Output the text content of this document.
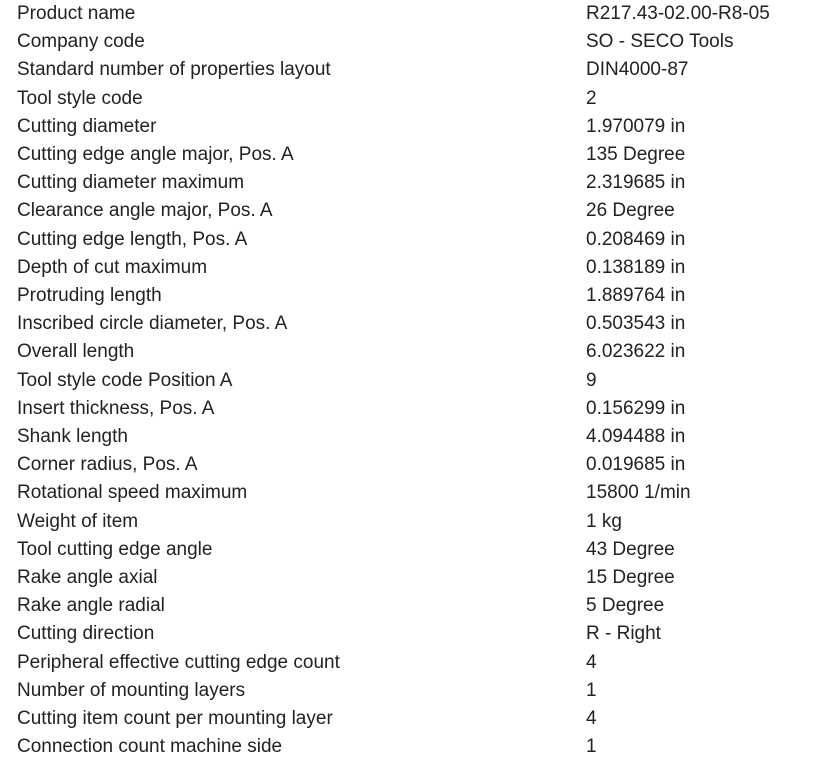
Product name	R217.43-02.00-R8-05
Company code	SO - SECO Tools
Standard number of properties layout	DIN4000-87
Tool style code	2
Cutting diameter	1.970079 in
Cutting edge angle major, Pos. A	135 Degree
Cutting diameter maximum	2.319685 in
Clearance angle major, Pos. A	26 Degree
Cutting edge length, Pos. A	0.208469 in
Depth of cut maximum	0.138189 in
Protruding length	1.889764 in
Inscribed circle diameter, Pos. A	0.503543 in
Overall length	6.023622 in
Tool style code Position A	9
Insert thickness, Pos. A	0.156299 in
Shank length	4.094488 in
Corner radius, Pos. A	0.019685 in
Rotational speed maximum	15800 1/min
Weight of item	1 kg
Tool cutting edge angle	43 Degree
Rake angle axial	15 Degree
Rake angle radial	5 Degree
Cutting direction	R - Right
Peripheral effective cutting edge count	4
Number of mounting layers	1
Cutting item count per mounting layer	4
Connection count machine side	1
